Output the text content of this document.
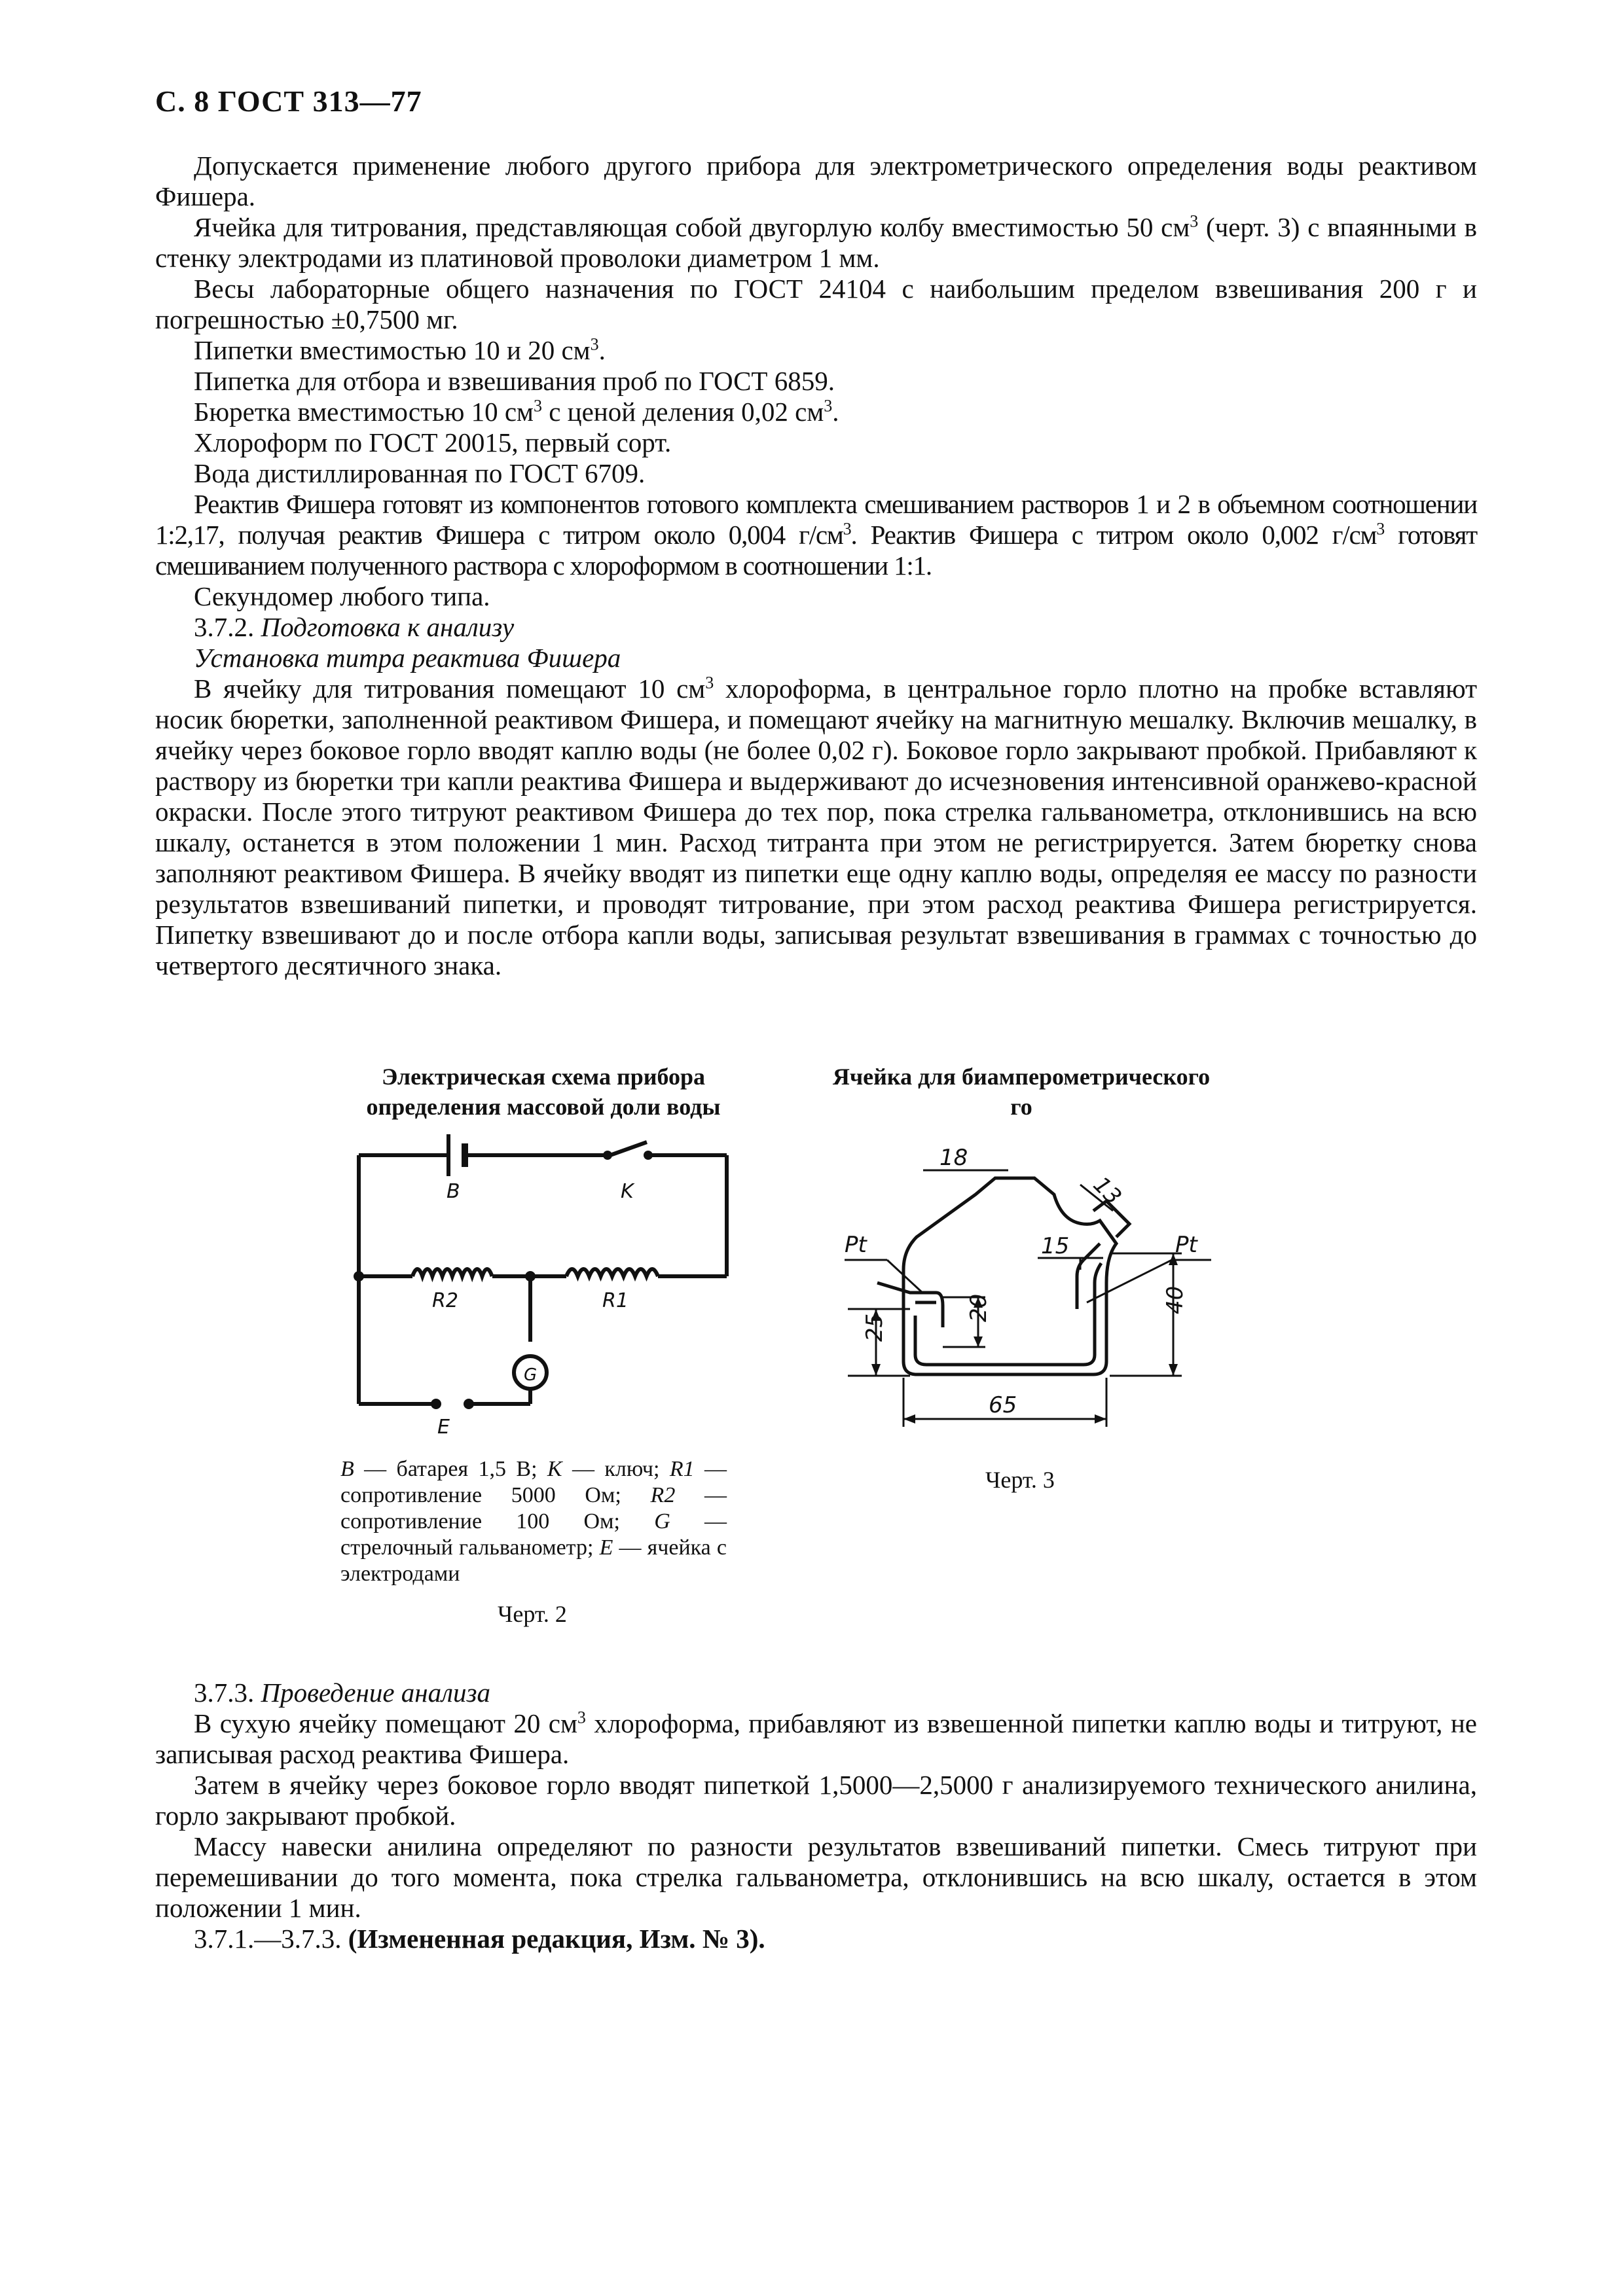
С. 8 ГОСТ 313—77

Допускается применение любого другого прибора для электрометрического определения воды реактивом Фишера.

Ячейка для титрования, представляющая собой двугорлую колбу вместимостью 50 $см^3$ (черт. 3) с впаянными в стенку электродами из платиновой проволоки диаметром 1 мм.

Весы лабораторные общего назначения по ГОСТ 24104 с наибольшим пределом взвешивания 200 г и погрешностью ±0,7500 мг.

Пипетки вместимостью 10 и 20 $см^3$.

Пипетка для отбора и взвешивания проб по ГОСТ 6859.

Бюретка вместимостью 10 $см^3$ с ценой деления 0,02 $см^3$.

Хлороформ по ГОСТ 20015, первый сорт.

Вода дистиллированная по ГОСТ 6709.

Реактив Фишера готовят из компонентов готового комплекта смешиванием растворов 1 и 2 в объемном соотношении 1:2,17, получая реактив Фишера с титром около 0,004 $г/см^3$. Реактив Фишера с титром около 0,002 $г/см^3$ готовят смешиванием полученного раствора с хлороформом в соотношении 1:1.

Секундомер любого типа.

3.7.2. Подготовка к анализу

Установка титра реактива Фишера

В ячейку для титрования помещают 10 $см^3$ хлороформа, в центральное горло плотно на пробке вставляют носик бюретки, заполненной реактивом Фишера, и помещают ячейку на магнитную мешалку. Включив мешалку, в ячейку через боковое горло вводят каплю воды (не более 0,02 г). Боковое горло закрывают пробкой. Прибавляют к раствору из бюретки три капли реактива Фишера и выдерживают до исчезновения интенсивной оранжево-красной окраски. После этого титруют реактивом Фишера до тех пор, пока стрелка гальванометра, отклонившись на всю шкалу, останется в этом положении 1 мин. Расход титранта при этом не регистрируется. Затем бюретку снова заполняют реактивом Фишера. В ячейку вводят из пипетки еще одну каплю воды, определяя ее массу по разности результатов взвешиваний пипетки, и проводят титрование, при этом расход реактива Фишера регистрируется. Пипетку взвешивают до и после отбора капли воды, записывая результат взвешивания в граммах с точностью до четвертого десятичного знака.

Электрическая схема прибора определения массовой доли воды
B	K
R2	R1
G
E
B — батарея 1,5 В; K — ключ; R1 — сопротивление 5000 Ом; R2 — сопротивление 100 Ом; G — стрелочный гальванометр; E — ячейка с электродами
Черт. 2
Ячейка для биамперометрического
го
18
13
15
20
25
40
65
Pt	Pt
Черт. 3

3.7.3. Проведение анализа

В сухую ячейку помещают 20 $см^3$ хлороформа, прибавляют из взвешенной пипетки каплю воды и титруют, не записывая расход реактива Фишера.

Затем в ячейку через боковое горло вводят пипеткой 1,5000—2,5000 г анализируемого технического анилина, горло закрывают пробкой.

Массу навески анилина определяют по разности результатов взвешиваний пипетки. Смесь титруют при перемешивании до того момента, пока стрелка гальванометра, отклонившись на всю шкалу, остается в этом положении 1 мин.

3.7.1.—3.7.3. (Измененная редакция, Изм. № 3).
